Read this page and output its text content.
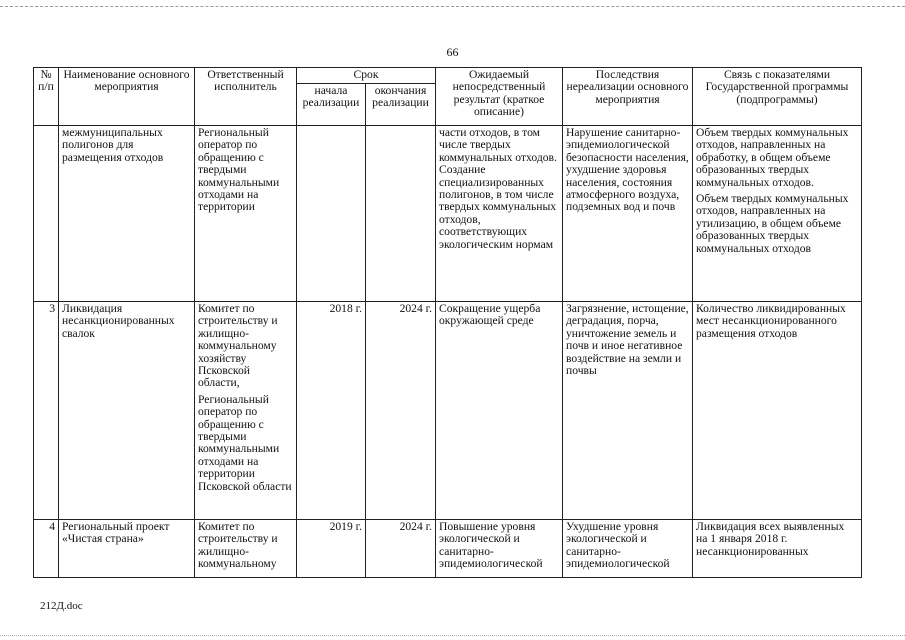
66
№ п/п	Наименование основного мероприятия	Ответственный исполнитель	Срок		Ожидаемый непосредственный результат (краткое описание)	Последствия нереализации основного мероприятия	Связь с показателями Государственной программы (подпрограммы)
			начала реализации	окончания реализации			
	межмуниципальных полигонов для размещения отходов	Региональный оператор по обращению с твердыми коммунальными отходами на территории			части отходов, в том числе твердых коммунальных отходов. Создание специализированных полигонов, в том числе твердых коммунальных отходов, соответствующих экологическим нормам	Нарушение санитарно-эпидемиологической безопасности населения, ухудшение здоровья населения, состояния атмосферного воздуха, подземных вод и почв	Объем твердых коммунальных отходов, направленных на обработку, в общем объеме образованных твердых коммунальных отходов.
Объем твердых коммунальных отходов, направленных на утилизацию, в общем объеме образованных твердых коммунальных отходов

3	Ликвидация несанкционированных свалок	Комитет по строительству и жилищно-коммунальному хозяйству Псковской области,
Региональный оператор по обращению с твердыми коммунальными отходами на территории Псковской области	2018 г.	2024 г.	Сокращение ущерба окружающей среде	Загрязнение, истощение, деградация, порча, уничтожение земель и почв и иное негативное воздействие на земли и почвы	Количество ликвидированных мест несанкционированного размещения отходов

4	Региональный проект «Чистая страна»	Комитет по строительству и жилищно-коммунальному	2019 г.	2024 г.	Повышение уровня экологической и санитарно-эпидемиологической	Ухудшение уровня экологической и санитарно-эпидемиологической	Ликвидация всех выявленных на 1 января 2018 г. несанкционированных
212Д.doc
